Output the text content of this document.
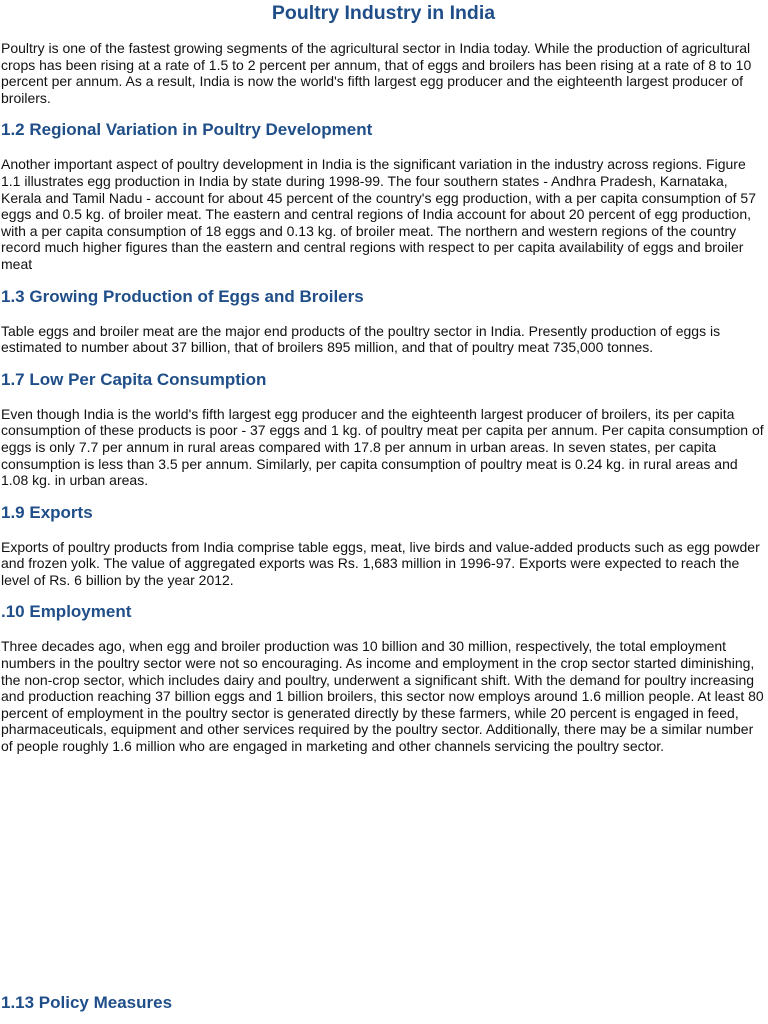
Poultry Industry in India

Poultry is one of the fastest growing segments of the agricultural sector in India today. While the production of agricultural crops has been rising at a rate of 1.5 to 2 percent per annum, that of eggs and broilers has been rising at a rate of 8 to 10 percent per annum. As a result, India is now the world's fifth largest egg producer and the eighteenth largest producer of broilers.

1.2 Regional Variation in Poultry Development

Another important aspect of poultry development in India is the significant variation in the industry across regions. Figure 1.1 illustrates egg production in India by state during 1998-99. The four southern states - Andhra Pradesh, Karnataka, Kerala and Tamil Nadu - account for about 45 percent of the country's egg production, with a per capita consumption of 57 eggs and 0.5 kg. of broiler meat. The eastern and central regions of India account for about 20 percent of egg production, with a per capita consumption of 18 eggs and 0.13 kg. of broiler meat. The northern and western regions of the country record much higher figures than the eastern and central regions with respect to per capita availability of eggs and broiler meat

1.3 Growing Production of Eggs and Broilers

Table eggs and broiler meat are the major end products of the poultry sector in India. Presently production of eggs is estimated to number about 37 billion, that of broilers 895 million, and that of poultry meat 735,000 tonnes.

1.7 Low Per Capita Consumption

Even though India is the world's fifth largest egg producer and the eighteenth largest producer of broilers, its per capita consumption of these products is poor - 37 eggs and 1 kg. of poultry meat per capita per annum. Per capita consumption of eggs is only 7.7 per annum in rural areas compared with 17.8 per annum in urban areas. In seven states, per capita consumption is less than 3.5 per annum. Similarly, per capita consumption of poultry meat is 0.24 kg. in rural areas and 1.08 kg. in urban areas.

1.9 Exports

Exports of poultry products from India comprise table eggs, meat, live birds and value-added products such as egg powder and frozen yolk. The value of aggregated exports was Rs. 1,683 million in 1996-97. Exports were expected to reach the level of Rs. 6 billion by the year 2012.

.10 Employment

Three decades ago, when egg and broiler production was 10 billion and 30 million, respectively, the total employment numbers in the poultry sector were not so encouraging. As income and employment in the crop sector started diminishing, the non-crop sector, which includes dairy and poultry, underwent a significant shift. With the demand for poultry increasing and production reaching 37 billion eggs and 1 billion broilers, this sector now employs around 1.6 million people. At least 80 percent of employment in the poultry sector is generated directly by these farmers, while 20 percent is engaged in feed, pharmaceuticals, equipment and other services required by the poultry sector. Additionally, there may be a similar number of people roughly 1.6 million who are engaged in marketing and other channels servicing the poultry sector.

1.13 Policy Measures
